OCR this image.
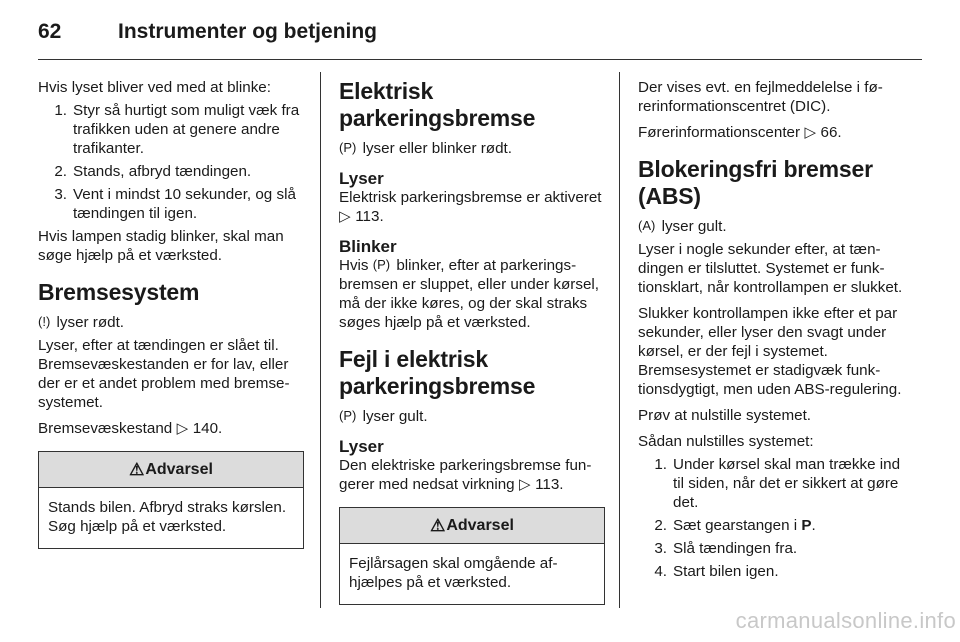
62	Instrumenter og betjening

Hvis lyset bliver ved med at blinke:

1. Styr så hurtigt som muligt væk fra trafikken uden at genere andre trafikanter.
2. Stands, afbryd tændingen.
3. Vent i mindst 10 sekunder, og slå tændingen til igen.

Hvis lampen stadig blinker, skal man søge hjælp på et værksted.

Bremsesystem

(!) lyser rødt.

Lyser, efter at tændingen er slået til. Bremsevæskestanden er for lav, eller der er et andet problem med bremsesystemet.

Bremsevæskestand ▷ 140.

⚠Advarsel
Stands bilen. Afbryd straks kørslen. Søg hjælp på et værksted.
Elektrisk parkeringsbremse

(P) lyser eller blinker rødt.

Lyser

Elektrisk parkeringsbremse er aktiveret ▷ 113.

Blinker

Hvis (P) blinker, efter at parkeringsbremsen er sluppet, eller under kørsel, må der ikke køres, og der skal straks søges hjælp på et værksted.

Fejl i elektrisk parkeringsbremse

(P) lyser gult.

Lyser

Den elektriske parkeringsbremse fungerer med nedsat virkning ▷ 113.

⚠Advarsel
Fejlårsagen skal omgående afhjælpes på et værksted.

Der vises evt. en fejlmeddelelse i førerinformationscentret (DIC).

Førerinformationscenter ▷ 66.

Blokeringsfri bremser (ABS)

(A) lyser gult.

Lyser i nogle sekunder efter, at tændingen er tilsluttet. Systemet er funktionsklart, når kontrollampen er slukket.

Slukker kontrollampen ikke efter et par sekunder, eller lyser den svagt under kørsel, er der fejl i systemet. Bremsesystemet er stadigvæk funktionsdygtigt, men uden ABS-regulering.

Prøv at nulstille systemet.

Sådan nulstilles systemet:

1. Under kørsel skal man trække ind til siden, når det er sikkert at gøre det.
2. Sæt gearstangen i P.
3. Slå tændingen fra.
4. Start bilen igen.
carmanualsonline.info
